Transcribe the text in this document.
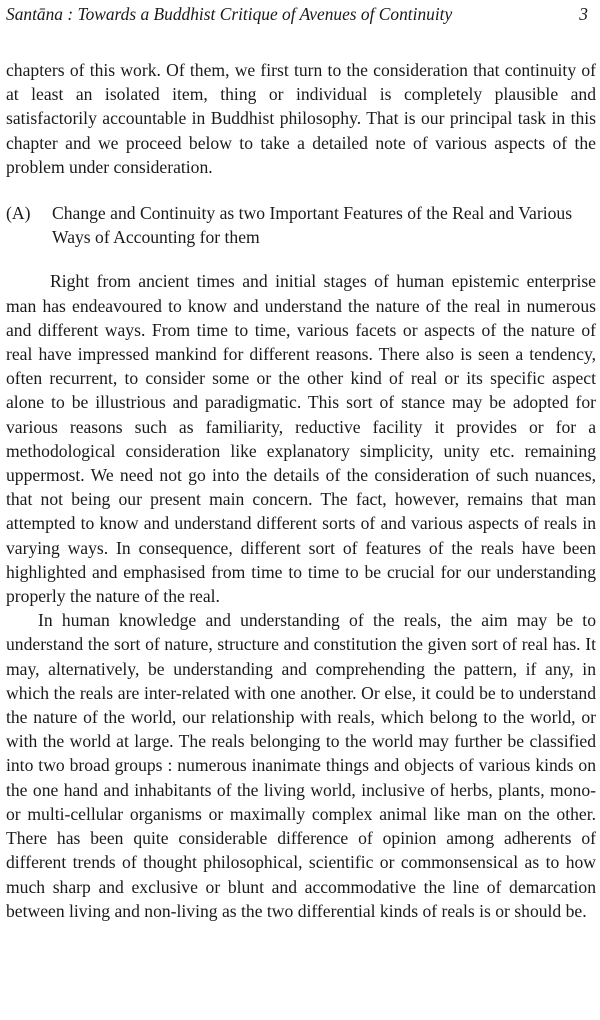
Santāna : Towards a Buddhist Critique of Avenues of Continuity	3

chapters of this work. Of them, we first turn to the consideration that continuity of at least an isolated item, thing or individual is completely plausible and satisfactorily accountable in Buddhist philosophy. That is our principal task in this chapter and we proceed below to take a detailed note of various aspects of the problem under consideration.

(A)	Change and Continuity as two Important Features of the Real and Various Ways of Accounting for them

Right from ancient times and initial stages of human epistemic enterprise man has endeavoured to know and understand the nature of the real in numerous and different ways. From time to time, various facets or aspects of the nature of real have impressed mankind for different reasons. There also is seen a tendency, often recurrent, to consider some or the other kind of real or its specific aspect alone to be illustrious and paradigmatic. This sort of stance may be adopted for various reasons such as familiarity, reductive facility it provides or for a methodological consideration like explanatory simplicity, unity etc. remaining uppermost. We need not go into the details of the consideration of such nuances, that not being our present main concern. The fact, however, remains that man attempted to know and understand different sorts of and various aspects of reals in varying ways. In consequence, different sort of features of the reals have been highlighted and emphasised from time to time to be crucial for our understanding properly the nature of the real.

In human knowledge and understanding of the reals, the aim may be to understand the sort of nature, structure and constitution the given sort of real has. It may, alternatively, be understanding and comprehending the pattern, if any, in which the reals are inter-related with one another. Or else, it could be to understand the nature of the world, our relationship with reals, which belong to the world, or with the world at large. The reals belonging to the world may further be classified into two broad groups : numerous inanimate things and objects of various kinds on the one hand and inhabitants of the living world, inclusive of herbs, plants, mono-or multi-cellular organisms or maximally complex animal like man on the other. There has been quite considerable difference of opinion among adherents of different trends of thought philosophical, scientific or commonsensical as to how much sharp and exclusive or blunt and accommodative the line of demarcation between living and non-living as the two differential kinds of reals is or should be.
